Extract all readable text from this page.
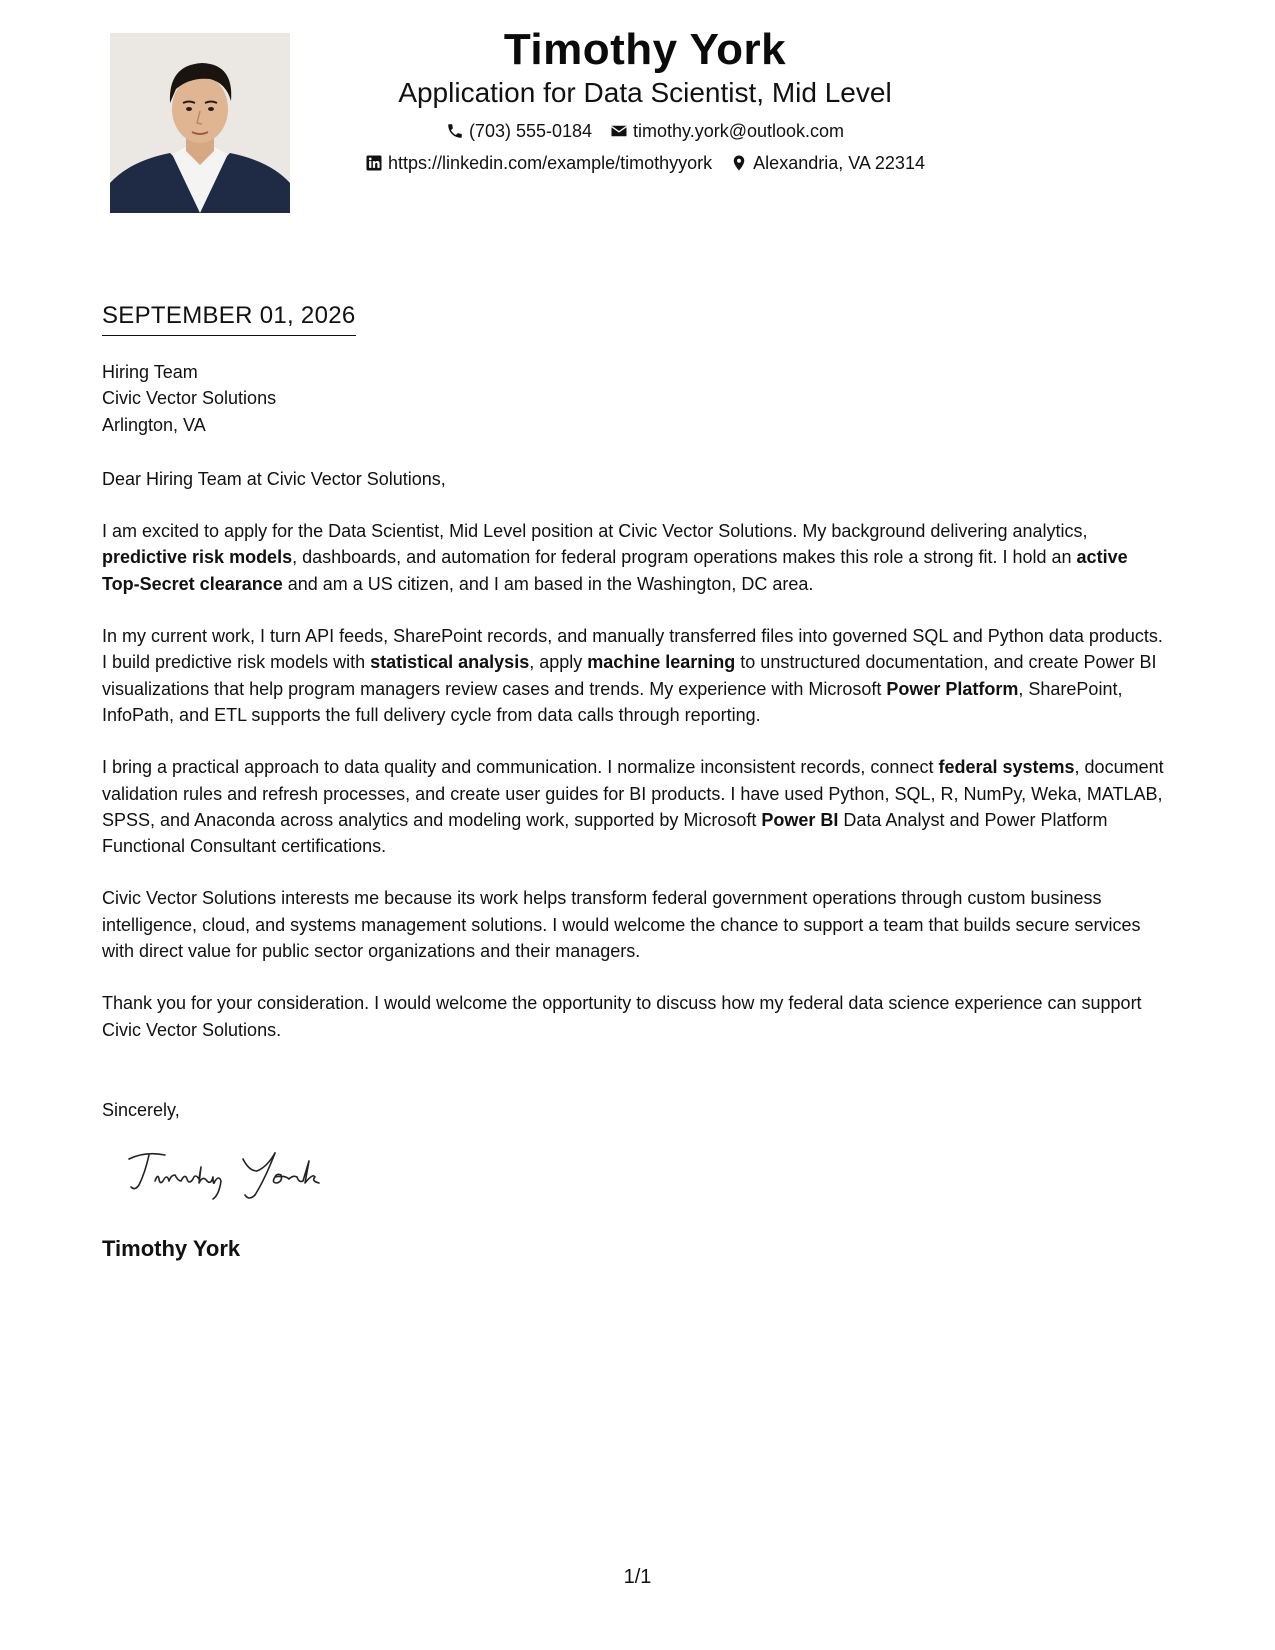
Timothy York
Application for Data Scientist, Mid Level
(703) 555-0184 timothy.york@outlook.com
https://linkedin.com/example/timothyyork Alexandria, VA 22314
SEPTEMBER 01, 2026
Hiring Team
Civic Vector Solutions
Arlington, VA
Dear Hiring Team at Civic Vector Solutions,
I am excited to apply for the Data Scientist, Mid Level position at Civic Vector Solutions. My background delivering analytics, predictive risk models, dashboards, and automation for federal program operations makes this role a strong fit. I hold an active Top-Secret clearance and am a US citizen, and I am based in the Washington, DC area.
In my current work, I turn API feeds, SharePoint records, and manually transferred files into governed SQL and Python data products. I build predictive risk models with statistical analysis, apply machine learning to unstructured documentation, and create Power BI visualizations that help program managers review cases and trends. My experience with Microsoft Power Platform, SharePoint, InfoPath, and ETL supports the full delivery cycle from data calls through reporting.
I bring a practical approach to data quality and communication. I normalize inconsistent records, connect federal systems, document validation rules and refresh processes, and create user guides for BI products. I have used Python, SQL, R, NumPy, Weka, MATLAB, SPSS, and Anaconda across analytics and modeling work, supported by Microsoft Power BI Data Analyst and Power Platform Functional Consultant certifications.
Civic Vector Solutions interests me because its work helps transform federal government operations through custom business intelligence, cloud, and systems management solutions. I would welcome the chance to support a team that builds secure services with direct value for public sector organizations and their managers.
Thank you for your consideration. I would welcome the opportunity to discuss how my federal data science experience can support Civic Vector Solutions.
Sincerely,
Timothy York
1/1
